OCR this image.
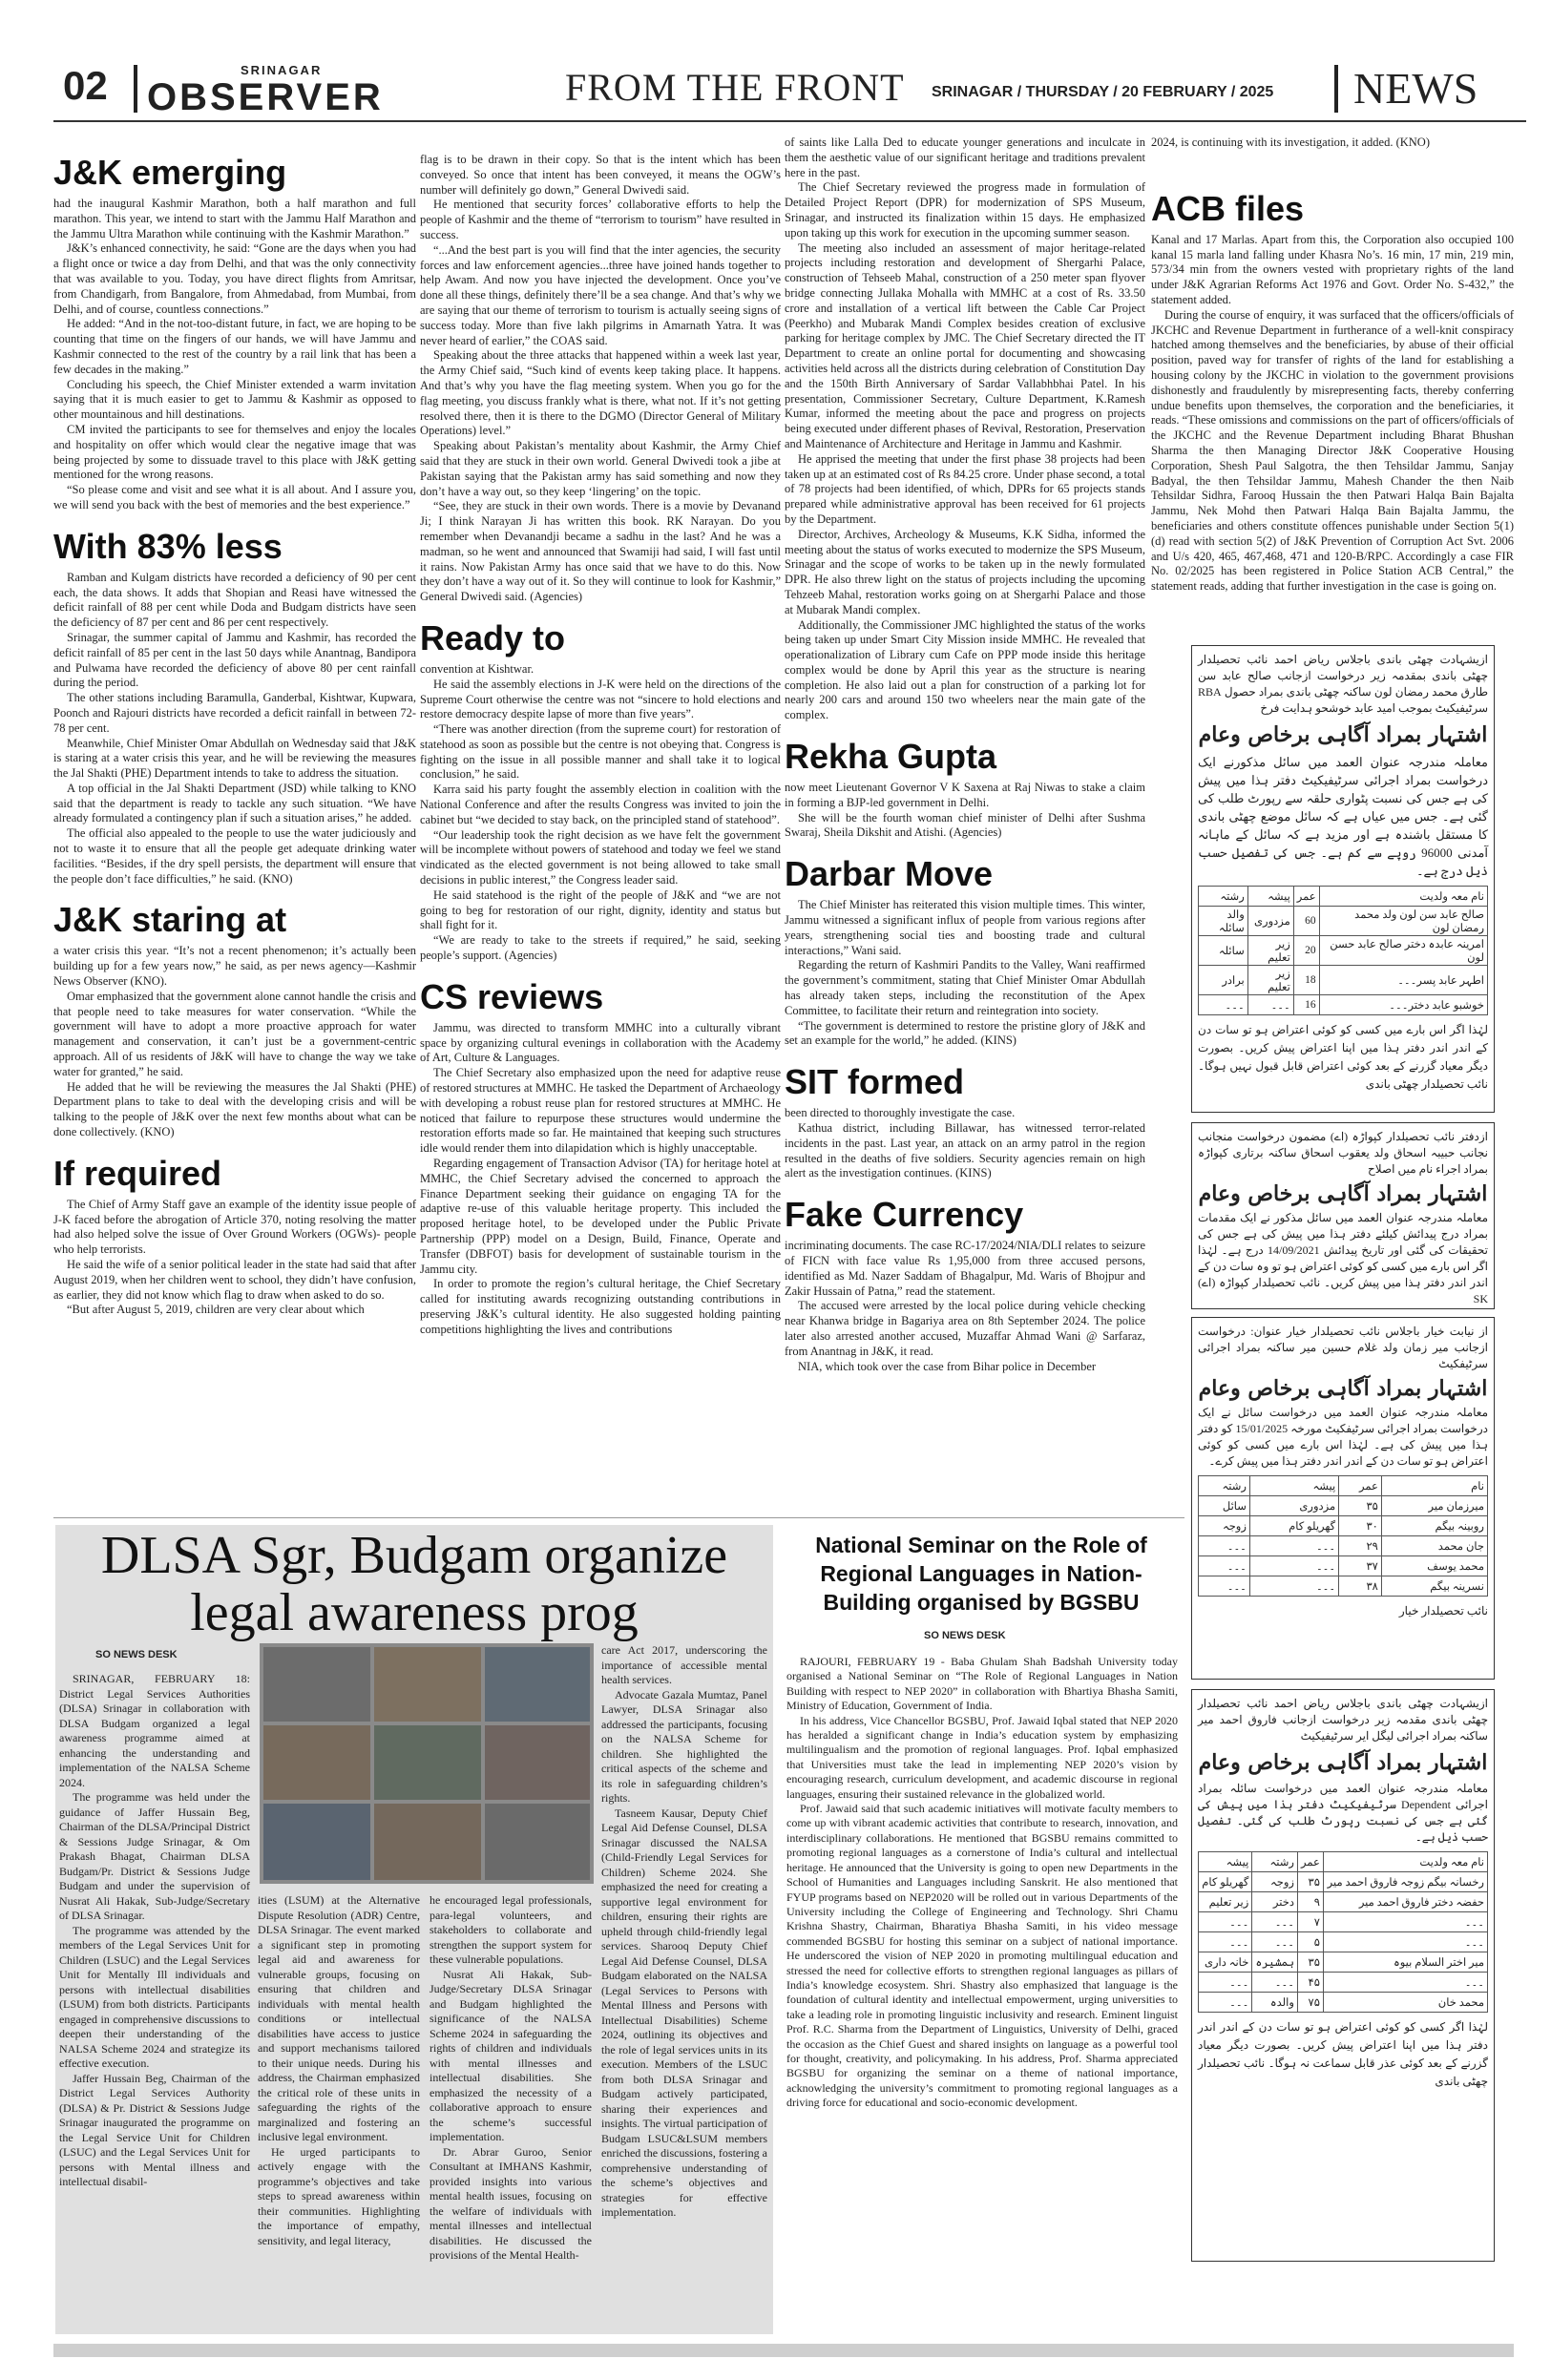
02	SRINAGAR
OBSERVER	FROM THE FRONT SRINAGAR / THURSDAY / 20 FEBRUARY / 2025 NEWS
J&K emerging

had the inaugural Kashmir Marathon, both a half marathon and full marathon. This year, we intend to start with the Jammu Half Marathon and the Jammu Ultra Marathon while continuing with the Kashmir Marathon.”

J&K’s enhanced connectivity, he said: “Gone are the days when you had a flight once or twice a day from Delhi, and that was the only connectivity that was available to you. Today, you have direct flights from Amritsar, from Chandigarh, from Bangalore, from Ahmedabad, from Mumbai, from Delhi, and of course, countless connections.”

He added: “And in the not-too-distant future, in fact, we are hoping to be counting that time on the fingers of our hands, we will have Jammu and Kashmir connected to the rest of the country by a rail link that has been a few decades in the making.”

Concluding his speech, the Chief Minister extended a warm invitation saying that it is much easier to get to Jammu & Kashmir as opposed to other mountainous and hill destinations.

CM invited the participants to see for themselves and enjoy the locales and hospitality on offer which would clear the negative image that was being projected by some to dissuade travel to this place with J&K getting mentioned for the wrong reasons.

“So please come and visit and see what it is all about. And I assure you, we will send you back with the best of memories and the best experience.”

With 83% less

Ramban and Kulgam districts have recorded a deficiency of 90 per cent each, the data shows. It adds that Shopian and Reasi have witnessed the deficit rainfall of 88 per cent while Doda and Budgam districts have seen the deficiency of 87 per cent and 86 per cent respectively.

Srinagar, the summer capital of Jammu and Kashmir, has recorded the deficit rainfall of 85 per cent in the last 50 days while Anantnag, Bandipora and Pulwama have recorded the deficiency of above 80 per cent rainfall during the period.

The other stations including Baramulla, Ganderbal, Kishtwar, Kupwara, Poonch and Rajouri districts have recorded a deficit rainfall in between 72-78 per cent.

Meanwhile, Chief Minister Omar Abdullah on Wednesday said that J&K is staring at a water crisis this year, and he will be reviewing the measures the Jal Shakti (PHE) Department intends to take to address the situation.

A top official in the Jal Shakti Department (JSD) while talking to KNO said that the department is ready to tackle any such situation. “We have already formulated a contingency plan if such a situation arises,” he added.

The official also appealed to the people to use the water judiciously and not to waste it to ensure that all the people get adequate drinking water facilities. “Besides, if the dry spell persists, the department will ensure that the people don’t face difficulties,” he said. (KNO)

J&K staring at

a water crisis this year. “It’s not a recent phenomenon; it’s actually been building up for a few years now,” he said, as per news agency—Kashmir News Observer (KNO).

Omar emphasized that the government alone cannot handle the crisis and that people need to take measures for water conservation. “While the government will have to adopt a more proactive approach for water management and conservation, it can’t just be a government-centric approach. All of us residents of J&K will have to change the way we take water for granted,” he said.

He added that he will be reviewing the measures the Jal Shakti (PHE) Department plans to take to deal with the developing crisis and will be talking to the people of J&K over the next few months about what can be done collectively. (KNO)

If required

The Chief of Army Staff gave an example of the identity issue people of J-K faced before the abrogation of Article 370, noting resolving the matter had also helped solve the issue of Over Ground Workers (OGWs)- people who help terrorists.

He said the wife of a senior political leader in the state had said that after August 2019, when her children went to school, they didn’t have confusion, as earlier, they did not know which flag to draw when asked to do so.

“But after August 5, 2019, children are very clear about which

flag is to be drawn in their copy. So that is the intent which has been conveyed. So once that intent has been conveyed, it means the OGW’s number will definitely go down,” General Dwivedi said.

He mentioned that security forces’ collaborative efforts to help the people of Kashmir and the theme of “terrorism to tourism” have resulted in success.

“...And the best part is you will find that the inter agencies, the security forces and law enforcement agencies...three have joined hands together to help Awam. And now you have injected the development. Once you’ve done all these things, definitely there’ll be a sea change. And that’s why we are saying that our theme of terrorism to tourism is actually seeing signs of success today. More than five lakh pilgrims in Amarnath Yatra. It was never heard of earlier,” the COAS said.

Speaking about the three attacks that happened within a week last year, the Army Chief said, “Such kind of events keep taking place. It happens. And that’s why you have the flag meeting system. When you go for the flag meeting, you discuss frankly what is there, what not. If it’s not getting resolved there, then it is there to the DGMO (Director General of Military Operations) level.”

Speaking about Pakistan’s mentality about Kashmir, the Army Chief said that they are stuck in their own world. General Dwivedi took a jibe at Pakistan saying that the Pakistan army has said something and now they don’t have a way out, so they keep ‘lingering’ on the topic.

“See, they are stuck in their own words. There is a movie by Devanand Ji; I think Narayan Ji has written this book. RK Narayan. Do you remember when Devanandji became a sadhu in the last? And he was a madman, so he went and announced that Swamiji had said, I will fast until it rains. Now Pakistan Army has once said that we have to do this. Now they don’t have a way out of it. So they will continue to look for Kashmir,” General Dwivedi said. (Agencies)

Ready to

convention at Kishtwar.

He said the assembly elections in J-K were held on the directions of the Supreme Court otherwise the centre was not “sincere to hold elections and restore democracy despite lapse of more than five years”.

“There was another direction (from the supreme court) for restoration of statehood as soon as possible but the centre is not obeying that. Congress is fighting on the issue in all possible manner and shall take it to logical conclusion,” he said.

Karra said his party fought the assembly election in coalition with the National Conference and after the results Congress was invited to join the cabinet but “we decided to stay back, on the principled stand of statehood”.

“Our leadership took the right decision as we have felt the government will be incomplete without powers of statehood and today we feel we stand vindicated as the elected government is not being allowed to take small decisions in public interest,” the Congress leader said.

He said statehood is the right of the people of J&K and “we are not going to beg for restoration of our right, dignity, identity and status but shall fight for it.

“We are ready to take to the streets if required,” he said, seeking people’s support. (Agencies)

CS reviews

Jammu, was directed to transform MMHC into a culturally vibrant space by organizing cultural evenings in collaboration with the Academy of Art, Culture & Languages.

The Chief Secretary also emphasized upon the need for adaptive reuse of restored structures at MMHC. He tasked the Department of Archaeology with developing a robust reuse plan for restored structures at MMHC. He noticed that failure to repurpose these structures would undermine the restoration efforts made so far. He maintained that keeping such structures idle would render them into dilapidation which is highly unacceptable.

Regarding engagement of Transaction Advisor (TA) for heritage hotel at MMHC, the Chief Secretary advised the concerned to approach the Finance Department seeking their guidance on engaging TA for the adaptive re-use of this valuable heritage property. This included the proposed heritage hotel, to be developed under the Public Private Partnership (PPP) model on a Design, Build, Finance, Operate and Transfer (DBFOT) basis for development of sustainable tourism in the Jammu city.

In order to promote the region’s cultural heritage, the Chief Secretary called for instituting awards recognizing outstanding contributions in preserving J&K’s cultural identity. He also suggested holding painting competitions highlighting the lives and contributions

of saints like Lalla Ded to educate younger generations and inculcate in them the aesthetic value of our significant heritage and traditions prevalent here in the past.

The Chief Secretary reviewed the progress made in formulation of Detailed Project Report (DPR) for modernization of SPS Museum, Srinagar, and instructed its finalization within 15 days. He emphasized upon taking up this work for execution in the upcoming summer season.

The meeting also included an assessment of major heritage-related projects including restoration and development of Shergarhi Palace, construction of Tehseeb Mahal, construction of a 250 meter span flyover bridge connecting Jullaka Mohalla with MMHC at a cost of Rs. 33.50 crore and installation of a vertical lift between the Cable Car Project (Peerkho) and Mubarak Mandi Complex besides creation of exclusive parking for heritage complex by JMC. The Chief Secretary directed the IT Department to create an online portal for documenting and showcasing activities held across all the districts during celebration of Constitution Day and the 150th Birth Anniversary of Sardar Vallabhbhai Patel. In his presentation, Commissioner Secretary, Culture Department, K.Ramesh Kumar, informed the meeting about the pace and progress on projects being executed under different phases of Revival, Restoration, Preservation and Maintenance of Architecture and Heritage in Jammu and Kashmir.

He apprised the meeting that under the first phase 38 projects had been taken up at an estimated cost of Rs 84.25 crore. Under phase second, a total of 78 projects had been identified, of which, DPRs for 65 projects stands prepared while administrative approval has been received for 61 projects by the Department.

Director, Archives, Archeology & Museums, K.K Sidha, informed the meeting about the status of works executed to modernize the SPS Museum, Srinagar and the scope of works to be taken up in the newly formulated DPR. He also threw light on the status of projects including the upcoming Tehzeeb Mahal, restoration works going on at Shergarhi Palace and those at Mubarak Mandi complex.

Additionally, the Commissioner JMC highlighted the status of the works being taken up under Smart City Mission inside MMHC. He revealed that operationalization of Library cum Cafe on PPP mode inside this heritage complex would be done by April this year as the structure is nearing completion. He also laid out a plan for construction of a parking lot for nearly 200 cars and around 150 two wheelers near the main gate of the complex.

Rekha Gupta

now meet Lieutenant Governor V K Saxena at Raj Niwas to stake a claim in forming a BJP-led government in Delhi.

She will be the fourth woman chief minister of Delhi after Sushma Swaraj, Sheila Dikshit and Atishi. (Agencies)

Darbar Move

The Chief Minister has reiterated this vision multiple times. This winter, Jammu witnessed a significant influx of people from various regions after years, strengthening social ties and boosting trade and cultural interactions,” Wani said.

Regarding the return of Kashmiri Pandits to the Valley, Wani reaffirmed the government’s commitment, stating that Chief Minister Omar Abdullah has already taken steps, including the reconstitution of the Apex Committee, to facilitate their return and reintegration into society.

“The government is determined to restore the pristine glory of J&K and set an example for the world,” he added. (KINS)

SIT formed

been directed to thoroughly investigate the case.

Kathua district, including Billawar, has witnessed terror-related incidents in the past. Last year, an attack on an army patrol in the region resulted in the deaths of five soldiers. Security agencies remain on high alert as the investigation continues. (KINS)

Fake Currency

incriminating documents. The case RC-17/2024/NIA/DLI relates to seizure of FICN with face value Rs 1,95,000 from three accused persons, identified as Md. Nazer Saddam of Bhagalpur, Md. Waris of Bhojpur and Zakir Hussain of Patna,” read the statement.

The accused were arrested by the local police during vehicle checking near Khanwa bridge in Bagariya area on 8th September 2024. The police later also arrested another accused, Muzaffar Ahmad Wani @ Sarfaraz, from Anantnag in J&K, it read.

NIA, which took over the case from Bihar police in December

2024, is continuing with its investigation, it added. (KNO)

ACB files

Kanal and 17 Marlas. Apart from this, the Corporation also occupied 100 kanal 15 marla land falling under Khasra No’s. 16 min, 17 min, 219 min, 573/34 min from the owners vested with proprietary rights of the land under J&K Agrarian Reforms Act 1976 and Govt. Order No. S-432,” the statement added.

During the course of enquiry, it was surfaced that the officers/officials of JKCHC and Revenue Department in furtherance of a well-knit conspiracy hatched among themselves and the beneficiaries, by abuse of their official position, paved way for transfer of rights of the land for establishing a housing colony by the JKCHC in violation to the government provisions dishonestly and fraudulently by misrepresenting facts, thereby conferring undue benefits upon themselves, the corporation and the beneficiaries, it reads. “These omissions and commissions on the part of officers/officials of the JKCHC and the Revenue Department including Bharat Bhushan Sharma the then Managing Director J&K Cooperative Housing Corporation, Shesh Paul Salgotra, the then Tehsildar Jammu, Sanjay Badyal, the then Tehsildar Jammu, Mahesh Chander the then Naib Tehsildar Sidhra, Farooq Hussain the then Patwari Halqa Bain Bajalta Jammu, Nek Mohd then Patwari Halqa Bain Bajalta Jammu, the beneficiaries and others constitute offences punishable under Section 5(1)(d) read with section 5(2) of J&K Prevention of Corruption Act Svt. 2006 and U/s 420, 465, 467,468, 471 and 120-B/RPC. Accordingly a case FIR No. 02/2025 has been registered in Police Station ACB Central,” the statement reads, adding that further investigation in the case is going on.

ازیشہادت چھٹی باندی باجلاس ریاض احمد نائب تحصیلدار چھٹی باندی بمقدمہ زیر درخواست ازجانب صالح عابد سن طارق محمد رمضان لون ساکنہ چھٹی باندی بمراد حصول RBA سرٹیفیکیٹ بموجب امید عابد خوشحو ہدایت فرخ
اشتہار بمراد آگاہی برخاص وعام
معاملہ مندرجہ عنوان العمد میں سائل مذکورنے ایک درخواست بمراد اجرائی سرٹیفیکیٹ دفتر ہذا میں پیش کی ہے جس کی نسبت پٹواری حلقہ سے رپورٹ طلب کی گئی ہے۔ جس میں عیاں ہے کہ سائل موضع چھٹی باندی کا مستقل باشندہ ہے اور مزید ہے کہ سائل کے ماہانہ آمدنی 96000 روپے سے کم ہے۔ جس کی تفصیل حسب ذیل درج ہے۔
نام معہ ولدیت	عمر	پیشہ	رشتہ
صالح عابد سن لون ولد محمد رمضان لون	60	مزدوری	والد سائلہ
امرینہ عابدہ دختر صالح عابد حسن لون	20	زیر تعلیم	سائلہ
اطہر عابد پسر۔۔۔	18	زیر تعلیم	برادر
خوشبو عابد دختر۔۔۔	16	۔۔۔	۔۔۔
لہٰذا اگر اس بارے میں کسی کو کوئی اعتراض ہو تو سات دن کے اندر اندر دفتر ہذا میں اپنا اعتراض پیش کریں۔ بصورت دیگر معیاد گزرنے کے بعد کوئی اعتراض قابل قبول نہیں ہوگا۔ نائب تحصیلدار چھٹی باندی
ازدفتر نائب تحصیلدار کپواڑہ (اے) مضمون درخواست منجانب نجانب حبیبہ اسحاق ولد یعقوب اسحاق ساکنہ برتاری کپواڑہ بمراد اجراء نام میں اصلاح
اشتہار بمراد آگاہی برخاص وعام
معاملہ مندرجہ عنوان العمد میں سائل مذکور نے ایک مقدمات بمراد درج پیدائش کیلئے دفتر ہذا میں پیش کی ہے جس کی تحقیقات کی گئی اور تاریخ پیدائش 14/09/2021 درج ہے۔ لہٰذا اگر اس بارے میں کسی کو کوئی اعتراض ہو تو وہ سات دن کے اندر اندر دفتر ہذا میں پیش کریں۔ نائب تحصیلدار کپواڑہ (اے) SK
از نیابت خیار باجلاس نائب تحصیلدار خیار عنوان: درخواست ازجانب میر زمان ولد غلام حسین میر ساکنہ بمراد اجرائی سرٹیفکیٹ
اشتہار بمراد آگاہی برخاص وعام
معاملہ مندرجہ عنوان العمد میں درخواست سائل نے ایک درخواست بمراد اجرائی سرٹیفکیٹ مورخہ 15/01/2025 کو دفتر ہذا میں پیش کی ہے۔ لہٰذا اس بارے میں کسی کو کوئی اعتراض ہو تو سات دن کے اندر اندر دفتر ہذا میں پیش کرے۔
نام	عمر	پیشہ	رشتہ
میرزمان میر	۳۵	مزدوری	سائل
روبینہ بیگم	۳۰	گھریلو کام	زوجہ
جان محمد	۲۹	۔۔۔	۔۔۔
محمد یوسف	۳۷	۔۔۔	۔۔۔
نسرینہ بیگم	۳۸	۔۔۔	۔۔۔
نائب تحصیلدار خیار
ازیشہادت چھٹی باندی باجلاس ریاض احمد نائب تحصیلدار چھٹی باندی مقدمہ زیر درخواست ازجانب فاروق احمد میر ساکنہ بمراد اجرائی لیگل ایر سرٹیفیکیٹ
اشتہار بمراد آگاہی برخاص وعام
معاملہ مندرجہ عنوان العمد میں درخواست سائلہ بمراد اجرائی Dependent سرٹیفیکیٹ دفتر ہذا میں پیش کی گئی ہے جس کی نسبت رپورٹ طلب کی گئی۔ تفصیل حسب ذیل ہے۔
نام معہ ولدیت	عمر	رشتہ	پیشہ
رخسانہ بیگم زوجہ فاروق احمد میر	۳۵	زوجہ	گھریلو کام
حفضہ دختر فاروق احمد میر	۹	دختر	زیر تعلیم
۔۔۔	۷	۔۔۔	۔۔۔
۔۔۔	۵	۔۔۔	۔۔۔
میر اختر السلام بیوہ	۳۵	ہمشیرہ	خانہ داری
۔۔۔	۴۵	۔۔۔	۔۔۔
محمد خان	۷۵	والدہ	۔۔۔
لہٰذا اگر کسی کو کوئی اعتراض ہو تو سات دن کے اندر اندر دفتر ہذا میں اپنا اعتراض پیش کریں۔ بصورت دیگر معیاد گزرنے کے بعد کوئی عذر قابل سماعت نہ ہوگا۔ نائب تحصیلدار چھٹی باندی
DLSA Sgr, Budgam organize
legal awareness prog
SO NEWS DESK

SRINAGAR, FEBRUARY 18: District Legal Services Authorities (DLSA) Srinagar in collaboration with DLSA Budgam organized a legal awareness programme aimed at enhancing the understanding and implementation of the NALSA Scheme 2024.

The programme was held under the guidance of Jaffer Hussain Beg, Chairman of the DLSA/Principal District & Sessions Judge Srinagar, & Om Prakash Bhagat, Chairman DLSA Budgam/Pr. District & Sessions Judge Budgam and under the supervision of Nusrat Ali Hakak, Sub-Judge/Secretary of DLSA Srinagar.

The programme was attended by the members of the Legal Services Unit for Children (LSUC) and the Legal Services Unit for Mentally Ill individuals and persons with intellectual disabilities (LSUM) from both districts. Participants engaged in comprehensive discussions to deepen their understanding of the NALSA Scheme 2024 and strategize its effective execution.

Jaffer Hussain Beg, Chairman of the District Legal Services Authority (DLSA) & Pr. District & Sessions Judge Srinagar inaugurated the programme on the Legal Service Unit for Children (LSUC) and the Legal Services Unit for persons with Mental illness and intellectual disabil-

ities (LSUM) at the Alternative Dispute Resolution (ADR) Centre, DLSA Srinagar. The event marked a significant step in promoting legal aid and awareness for vulnerable groups, focusing on ensuring that children and individuals with mental health conditions or intellectual disabilities have access to justice and support mechanisms tailored to their unique needs. During his address, the Chairman emphasized the critical role of these units in safeguarding the rights of the marginalized and fostering an inclusive legal environment.

He urged participants to actively engage with the programme’s objectives and take steps to spread awareness within their communities. Highlighting the importance of empathy, sensitivity, and legal literacy,

he encouraged legal professionals, para-legal volunteers, and stakeholders to collaborate and strengthen the support system for these vulnerable populations.

Nusrat Ali Hakak, Sub-Judge/Secretary DLSA Srinagar and Budgam highlighted the significance of the NALSA Scheme 2024 in safeguarding the rights of children and individuals with mental illnesses and intellectual disabilities. She emphasized the necessity of a collaborative approach to ensure the scheme’s successful implementation.

Dr. Abrar Guroo, Senior Consultant at IMHANS Kashmir, provided insights into various mental health issues, focusing on the welfare of individuals with mental illnesses and intellectual disabilities. He discussed the provisions of the Mental Health-

care Act 2017, underscoring the importance of accessible mental health services.

Advocate Gazala Mumtaz, Panel Lawyer, DLSA Srinagar also addressed the participants, focusing on the NALSA Scheme for children. She highlighted the critical aspects of the scheme and its role in safeguarding children’s rights.

Tasneem Kausar, Deputy Chief Legal Aid Defense Counsel, DLSA Srinagar discussed the NALSA (Child-Friendly Legal Services for Children) Scheme 2024. She emphasized the need for creating a supportive legal environment for children, ensuring their rights are upheld through child-friendly legal services. Sharooq Deputy Chief Legal Aid Defense Counsel, DLSA Budgam elaborated on the NALSA (Legal Services to Persons with Mental Illness and Persons with Intellectual Disabilities) Scheme 2024, outlining its objectives and the role of legal services units in its execution. Members of the LSUC from both DLSA Srinagar and Budgam actively participated, sharing their experiences and insights. The virtual participation of Budgam LSUC&LSUM members enriched the discussions, fostering a comprehensive understanding of the scheme’s objectives and strategies for effective implementation.

National Seminar on the Role of Regional Languages in Nation-Building organised by BGSBU
SO NEWS DESK

RAJOURI, FEBRUARY 19 - Baba Ghulam Shah Badshah University today organised a National Seminar on “The Role of Regional Languages in Nation Building with respect to NEP 2020” in collaboration with Bhartiya Bhasha Samiti, Ministry of Education, Government of India.

In his address, Vice Chancellor BGSBU, Prof. Jawaid Iqbal stated that NEP 2020 has heralded a significant change in India’s education system by emphasizing multilingualism and the promotion of regional languages. Prof. Iqbal emphasized that Universities must take the lead in implementing NEP 2020’s vision by encouraging research, curriculum development, and academic discourse in regional languages, ensuring their sustained relevance in the globalized world.

Prof. Jawaid said that such academic initiatives will motivate faculty members to come up with vibrant academic activities that contribute to research, innovation, and interdisciplinary collaborations. He mentioned that BGSBU remains committed to promoting regional languages as a cornerstone of India’s cultural and intellectual heritage. He announced that the University is going to open new Departments in the School of Humanities and Languages including Sanskrit. He also mentioned that FYUP programs based on NEP2020 will be rolled out in various Departments of the University including the College of Engineering and Technology. Shri Chamu Krishna Shastry, Chairman, Bharatiya Bhasha Samiti, in his video message commended BGSBU for hosting this seminar on a subject of national importance. He underscored the vision of NEP 2020 in promoting multilingual education and stressed the need for collective efforts to strengthen regional languages as pillars of India’s knowledge ecosystem. Shri. Shastry also emphasized that language is the foundation of cultural identity and intellectual empowerment, urging universities to take a leading role in promoting linguistic inclusivity and research. Eminent linguist Prof. R.C. Sharma from the Department of Linguistics, University of Delhi, graced the occasion as the Chief Guest and shared insights on language as a powerful tool for thought, creativity, and policymaking. In his address, Prof. Sharma appreciated BGSBU for organizing the seminar on a theme of national importance, acknowledging the university’s commitment to promoting regional languages as a driving force for educational and socio-economic development.
